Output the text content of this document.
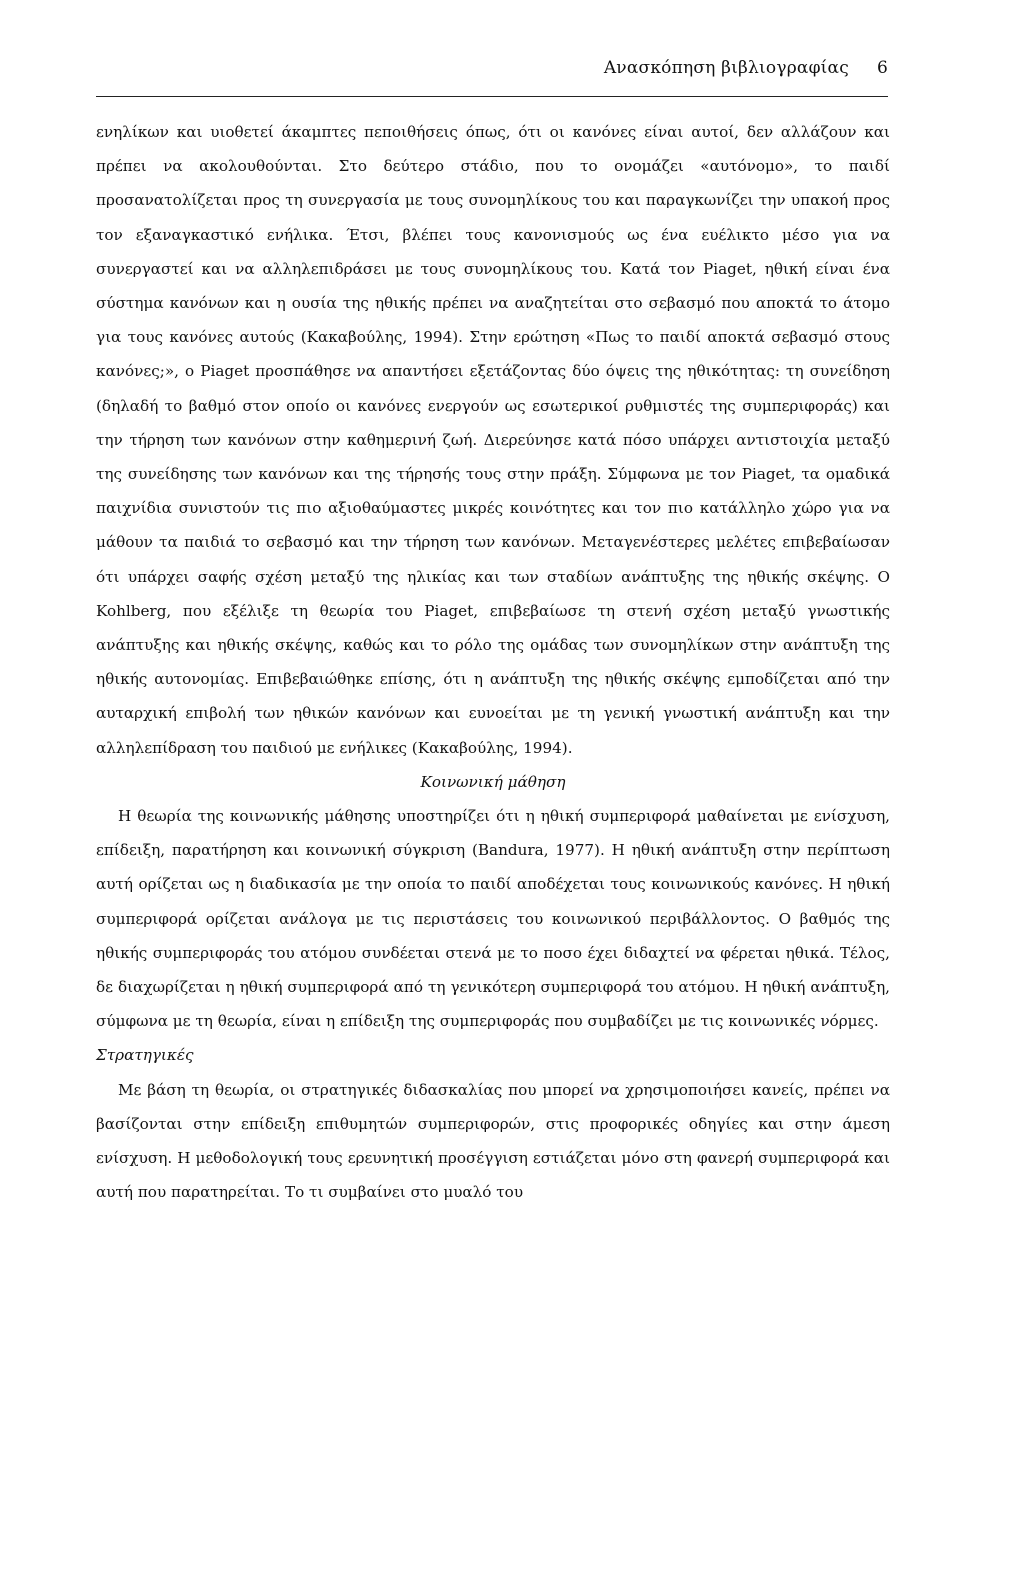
Ανασκόπηση βιβλιογραφίας 6

ενηλίκων και υιοθετεί άκαμπτες πεποιθήσεις όπως, ότι οι κανόνες είναι αυτοί, δεν αλλάζουν και πρέπει να ακολουθούνται. Στο δεύτερο στάδιο, που το ονομάζει «αυτόνομο», το παιδί προσανατολίζεται προς τη συνεργασία με τους συνομηλίκους του και παραγκωνίζει την υπακοή προς τον εξαναγκαστικό ενήλικα. Έτσι, βλέπει τους κανονισμούς ως ένα ευέλικτο μέσο για να συνεργαστεί και να αλληλεπιδράσει με τους συνομηλίκους του. Κατά τον Piaget, ηθική είναι ένα σύστημα κανόνων και η ουσία της ηθικής πρέπει να αναζητείται στο σεβασμό που αποκτά το άτομο για τους κανόνες αυτούς (Κακαβούλης, 1994). Στην ερώτηση «Πως το παιδί αποκτά σεβασμό στους κανόνες;», ο Piaget προσπάθησε να απαντήσει εξετάζοντας δύο όψεις της ηθικότητας: τη συνείδηση (δηλαδή το βαθμό στον οποίο οι κανόνες ενεργούν ως εσωτερικοί ρυθμιστές της συμπεριφοράς) και την τήρηση των κανόνων στην καθημερινή ζωή. Διερεύνησε κατά πόσο υπάρχει αντιστοιχία μεταξύ της συνείδησης των κανόνων και της τήρησής τους στην πράξη. Σύμφωνα με τον Piaget, τα ομαδικά παιχνίδια συνιστούν τις πιο αξιοθαύμαστες μικρές κοινότητες και τον πιο κατάλληλο χώρο για να μάθουν τα παιδιά το σεβασμό και την τήρηση των κανόνων. Μεταγενέστερες μελέτες επιβεβαίωσαν ότι υπάρχει σαφής σχέση μεταξύ της ηλικίας και των σταδίων ανάπτυξης της ηθικής σκέψης. Ο Kohlberg, που εξέλιξε τη θεωρία του Piaget, επιβεβαίωσε τη στενή σχέση μεταξύ γνωστικής ανάπτυξης και ηθικής σκέψης, καθώς και το ρόλο της ομάδας των συνομηλίκων στην ανάπτυξη της ηθικής αυτονομίας. Επιβεβαιώθηκε επίσης, ότι η ανάπτυξη της ηθικής σκέψης εμποδίζεται από την αυταρχική επιβολή των ηθικών κανόνων και ευνοείται με τη γενική γνωστική ανάπτυξη και την αλληλεπίδραση του παιδιού με ενήλικες (Κακαβούλης, 1994).

Κοινωνική μάθηση

Η θεωρία της κοινωνικής μάθησης υποστηρίζει ότι η ηθική συμπεριφορά μαθαίνεται με ενίσχυση, επίδειξη, παρατήρηση και κοινωνική σύγκριση (Bandura, 1977). Η ηθική ανάπτυξη στην περίπτωση αυτή ορίζεται ως η διαδικασία με την οποία το παιδί αποδέχεται τους κοινωνικούς κανόνες. Η ηθική συμπεριφορά ορίζεται ανάλογα με τις περιστάσεις του κοινωνικού περιβάλλοντος. Ο βαθμός της ηθικής συμπεριφοράς του ατόμου συνδέεται στενά με το ποσο έχει διδαχτεί να φέρεται ηθικά. Τέλος, δε διαχωρίζεται η ηθική συμπεριφορά από τη γενικότερη συμπεριφορά του ατόμου. Η ηθική ανάπτυξη, σύμφωνα με τη θεωρία, είναι η επίδειξη της συμπεριφοράς που συμβαδίζει με τις κοινωνικές νόρμες.

Στρατηγικές

Με βάση τη θεωρία, οι στρατηγικές διδασκαλίας που μπορεί να χρησιμοποιήσει κανείς, πρέπει να βασίζονται στην επίδειξη επιθυμητών συμπεριφορών, στις προφορικές οδηγίες και στην άμεση ενίσχυση. Η μεθοδολογική τους ερευνητική προσέγγιση εστιάζεται μόνο στη φανερή συμπεριφορά και αυτή που παρατηρείται. Το τι συμβαίνει στο μυαλό του
